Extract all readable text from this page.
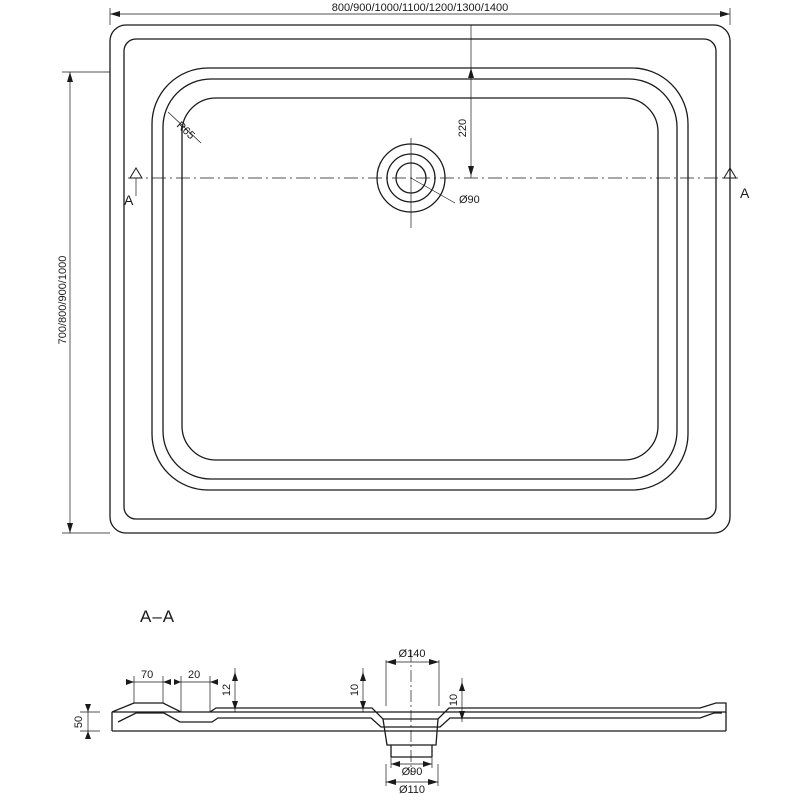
Ø90
A	A
R65
800/900/1000/1100/1200/1300/1400
700/800/900/1000
220
A–A
Ø140
Ø90
Ø110
50
70	20
12	10
10
